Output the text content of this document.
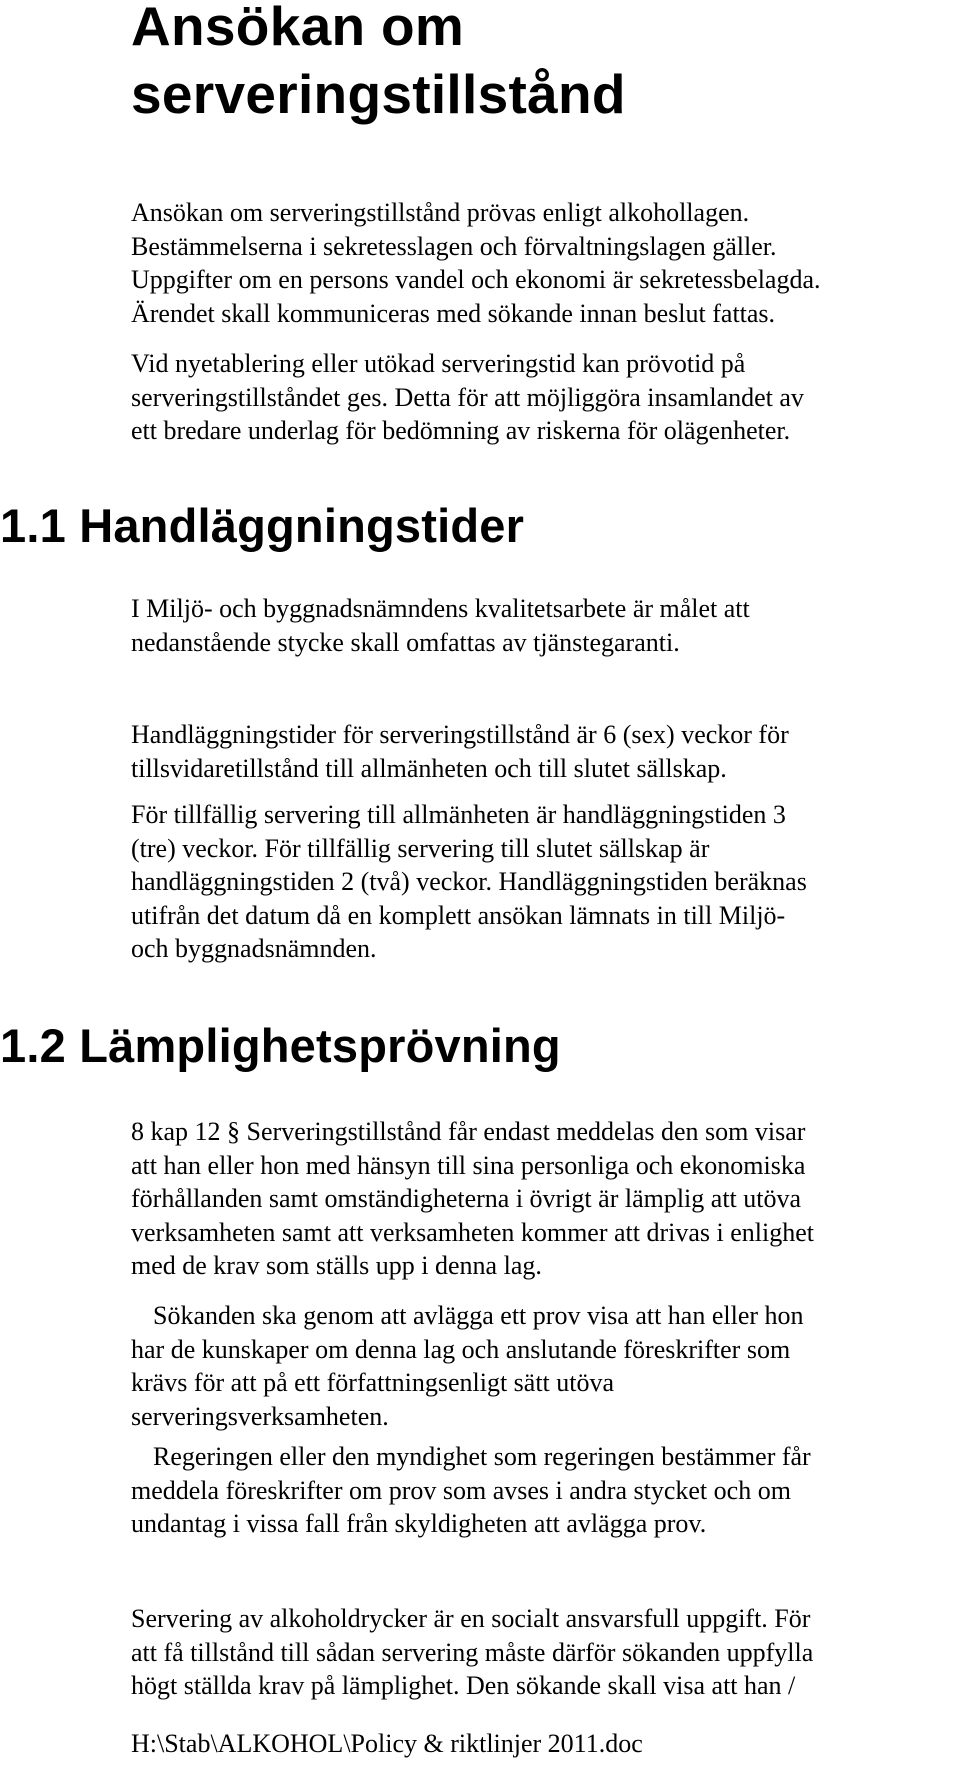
Ansökan om
serveringstillstånd
Ansökan om serveringstillstånd prövas enligt alkohollagen.
Bestämmelserna i sekretesslagen och förvaltningslagen gäller.
Uppgifter om en persons vandel och ekonomi är sekretessbelagda.
Ärendet skall kommuniceras med sökande innan beslut fattas.
Vid nyetablering eller utökad serveringstid kan prövotid på
serveringstillståndet ges. Detta för att möjliggöra insamlandet av
ett bredare underlag för bedömning av riskerna för olägenheter.
1.1 Handläggningstider
I Miljö- och byggnadsnämndens kvalitetsarbete är målet att
nedanstående stycke skall omfattas av tjänstegaranti.
Handläggningstider för serveringstillstånd är 6 (sex) veckor för
tillsvidaretillstånd till allmänheten och till slutet sällskap.
För tillfällig servering till allmänheten är handläggningstiden 3
(tre) veckor. För tillfällig servering till slutet sällskap är
handläggningstiden 2 (två) veckor. Handläggningstiden beräknas
utifrån det datum då en komplett ansökan lämnats in till Miljö-
och byggnadsnämnden.
1.2 Lämplighetsprövning
8 kap 12 § Serveringstillstånd får endast meddelas den som visar
att han eller hon med hänsyn till sina personliga och ekonomiska
förhållanden samt omständigheterna i övrigt är lämplig att utöva
verksamheten samt att verksamheten kommer att drivas i enlighet
med de krav som ställs upp i denna lag.
Sökanden ska genom att avlägga ett prov visa att han eller hon
har de kunskaper om denna lag och anslutande föreskrifter som
krävs för att på ett författningsenligt sätt utöva
serveringsverksamheten.
Regeringen eller den myndighet som regeringen bestämmer får
meddela föreskrifter om prov som avses i andra stycket och om
undantag i vissa fall från skyldigheten att avlägga prov.
Servering av alkoholdrycker är en socialt ansvarsfull uppgift. För
att få tillstånd till sådan servering måste därför sökanden uppfylla
högt ställda krav på lämplighet. Den sökande skall visa att han /
H:\Stab\ALKOHOL\Policy & riktlinjer 2011.doc
